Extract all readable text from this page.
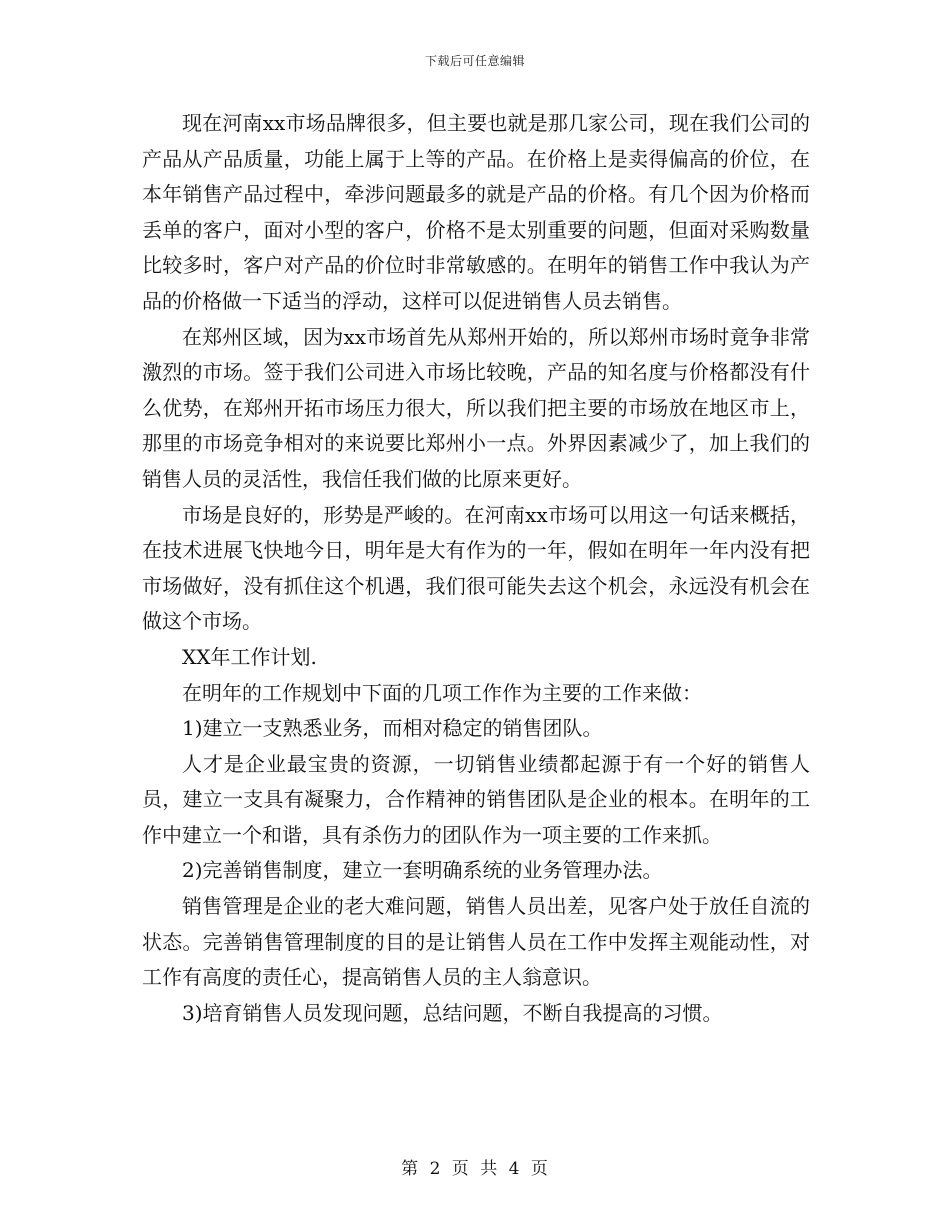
下载后可任意编辑

现在河南xx市场品牌很多，但主要也就是那几家公司，现在我们公司的产品从产品质量，功能上属于上等的产品。在价格上是卖得偏高的价位，在本年销售产品过程中，牵涉问题最多的就是产品的价格。有几个因为价格而丢单的客户，面对小型的客户，价格不是太别重要的问题，但面对采购数量比较多时，客户对产品的价位时非常敏感的。在明年的销售工作中我认为产品的价格做一下适当的浮动，这样可以促进销售人员去销售。

在郑州区域，因为xx市场首先从郑州开始的，所以郑州市场时竟争非常激烈的市场。签于我们公司进入市场比较晚，产品的知名度与价格都没有什么优势，在郑州开拓市场压力很大，所以我们把主要的市场放在地区市上，那里的市场竞争相对的来说要比郑州小一点。外界因素减少了，加上我们的销售人员的灵活性，我信任我们做的比原来更好。

市场是良好的，形势是严峻的。在河南xx市场可以用这一句话来概括，在技术进展飞快地今日，明年是大有作为的一年，假如在明年一年内没有把市场做好，没有抓住这个机遇，我们很可能失去这个机会，永远没有机会在做这个市场。

XX年工作计划.

在明年的工作规划中下面的几项工作作为主要的工作来做：

1)建立一支熟悉业务，而相对稳定的销售团队。

人才是企业最宝贵的资源，一切销售业绩都起源于有一个好的销售人员，建立一支具有凝聚力，合作精神的销售团队是企业的根本。在明年的工作中建立一个和谐，具有杀伤力的团队作为一项主要的工作来抓。

2)完善销售制度，建立一套明确系统的业务管理办法。

销售管理是企业的老大难问题，销售人员出差，见客户处于放任自流的状态。完善销售管理制度的目的是让销售人员在工作中发挥主观能动性，对工作有高度的责任心，提高销售人员的主人翁意识。

3)培育销售人员发现问题，总结问题，不断自我提高的习惯。

第 2 页 共 4 页
